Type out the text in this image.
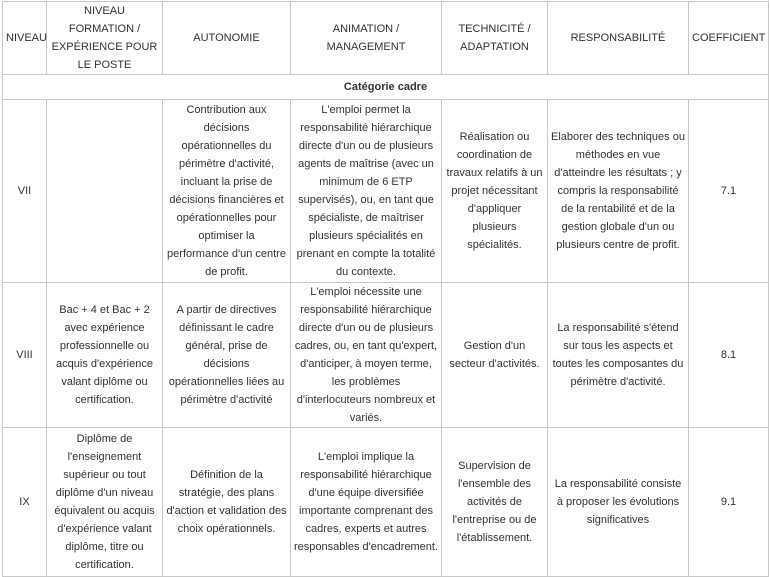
NIVEAU	NIVEAU FORMATION / EXPÉRIENCE POUR LE POSTE	AUTONOMIE	ANIMATION / MANAGEMENT	TECHNICITÉ / ADAPTATION	RESPONSABILITÉ	COEFFICIENT
Catégorie cadre						
VII		Contribution aux décisions opérationnelles du périmètre d'activité, incluant la prise de décisions financières et opérationnelles pour optimiser la performance d'un centre de profit.	L'emploi permet la responsabilité hiérarchique directe d'un ou de plusieurs agents de maîtrise (avec un minimum de 6 ETP supervisés), ou, en tant que spécialiste, de maîtriser plusieurs spécialités en prenant en compte la totalité du contexte.	Réalisation ou coordination de travaux relatifs à un projet nécessitant d'appliquer plusieurs spécialités.	Elaborer des techniques ou méthodes en vue d'atteindre les résultats ; y compris la responsabilité de la rentabilité et de la gestion globale d'un ou plusieurs centre de profit.	7.1
VIII	Bac + 4 et Bac + 2 avec expérience professionnelle ou acquis d'expérience valant diplôme ou certification.	A partir de directives définissant le cadre général, prise de décisions opérationnelles liées au périmètre d'activité	L'emploi nécessite une responsabilité hiérarchique directe d'un ou de plusieurs cadres, ou, en tant qu'expert, d'anticiper, à moyen terme, les problèmes d'interlocuteurs nombreux et variés.	Gestion d'un secteur d'activités.	La responsabilité s'étend sur tous les aspects et toutes les composantes du périmètre d'activité.	8.1
IX	Diplôme de l'enseignement supérieur ou tout diplôme d'un niveau équivalent ou acquis d'expérience valant diplôme, titre ou certification.	Définition de la stratégie, des plans d'action et validation des choix opérationnels.	L'emploi implique la responsabilité hiérarchique d'une équipe diversifiée importante comprenant des cadres, experts et autres responsables d'encadrement.	Supervision de l'ensemble des activités de l'entreprise ou de l'établissement.	La responsabilité consiste à proposer les évolutions significatives	9.1
